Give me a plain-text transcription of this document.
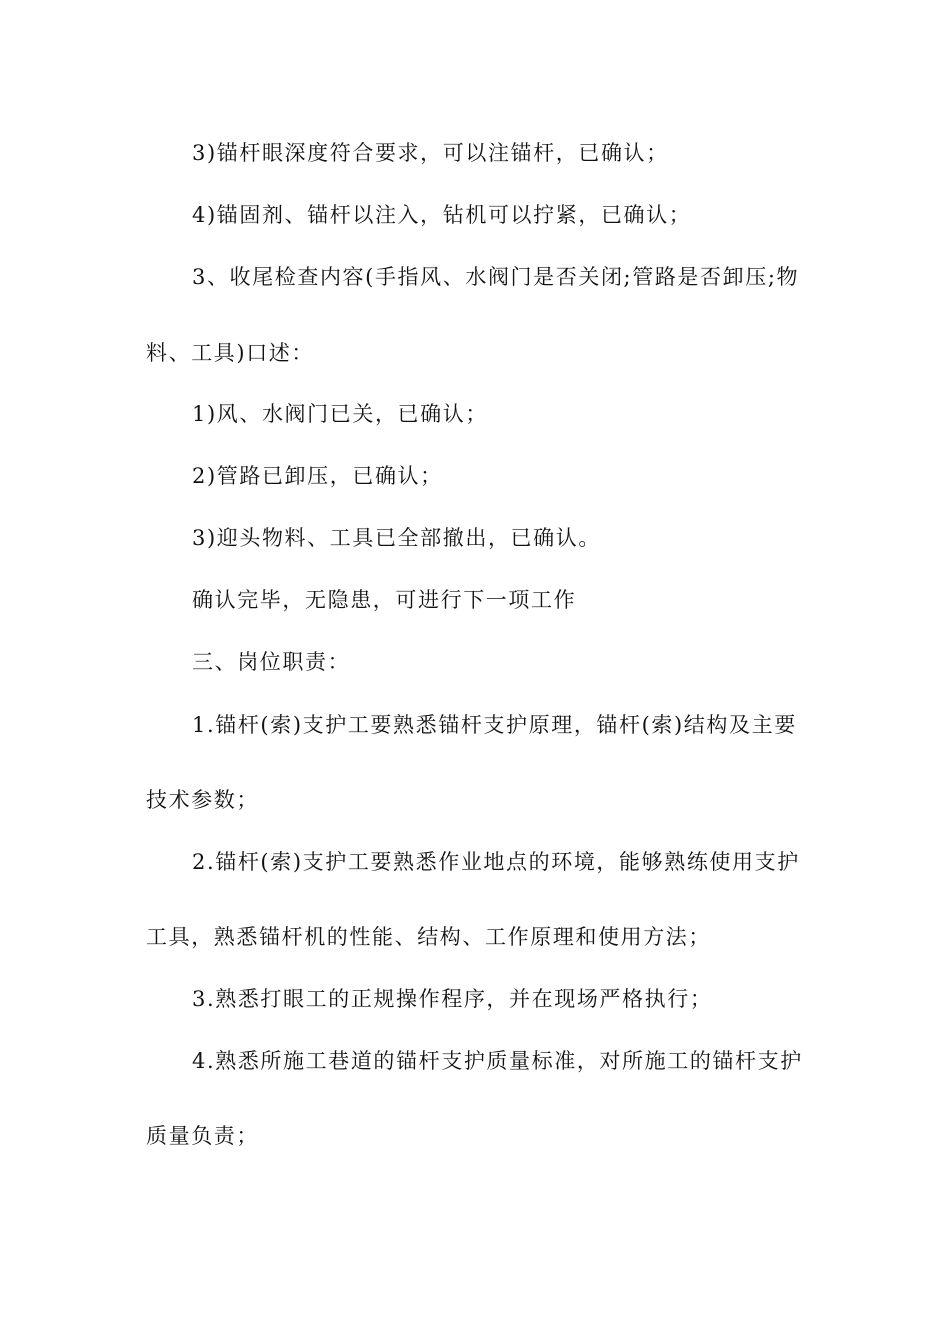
3)锚杆眼深度符合要求，可以注锚杆，已确认；
4)锚固剂、锚杆以注入，钻机可以拧紧，已确认；
3、收尾检查内容(手指风、水阀门是否关闭;管路是否卸压;物
料、工具)口述：
1)风、水阀门已关，已确认；
2)管路已卸压，已确认；
3)迎头物料、工具已全部撤出，已确认。
确认完毕，无隐患，可进行下一项工作
三、岗位职责：
1.锚杆(索)支护工要熟悉锚杆支护原理，锚杆(索)结构及主要
技术参数；
2.锚杆(索)支护工要熟悉作业地点的环境，能够熟练使用支护
工具，熟悉锚杆机的性能、结构、工作原理和使用方法；
3.熟悉打眼工的正规操作程序，并在现场严格执行；
4.熟悉所施工巷道的锚杆支护质量标准，对所施工的锚杆支护
质量负责；
